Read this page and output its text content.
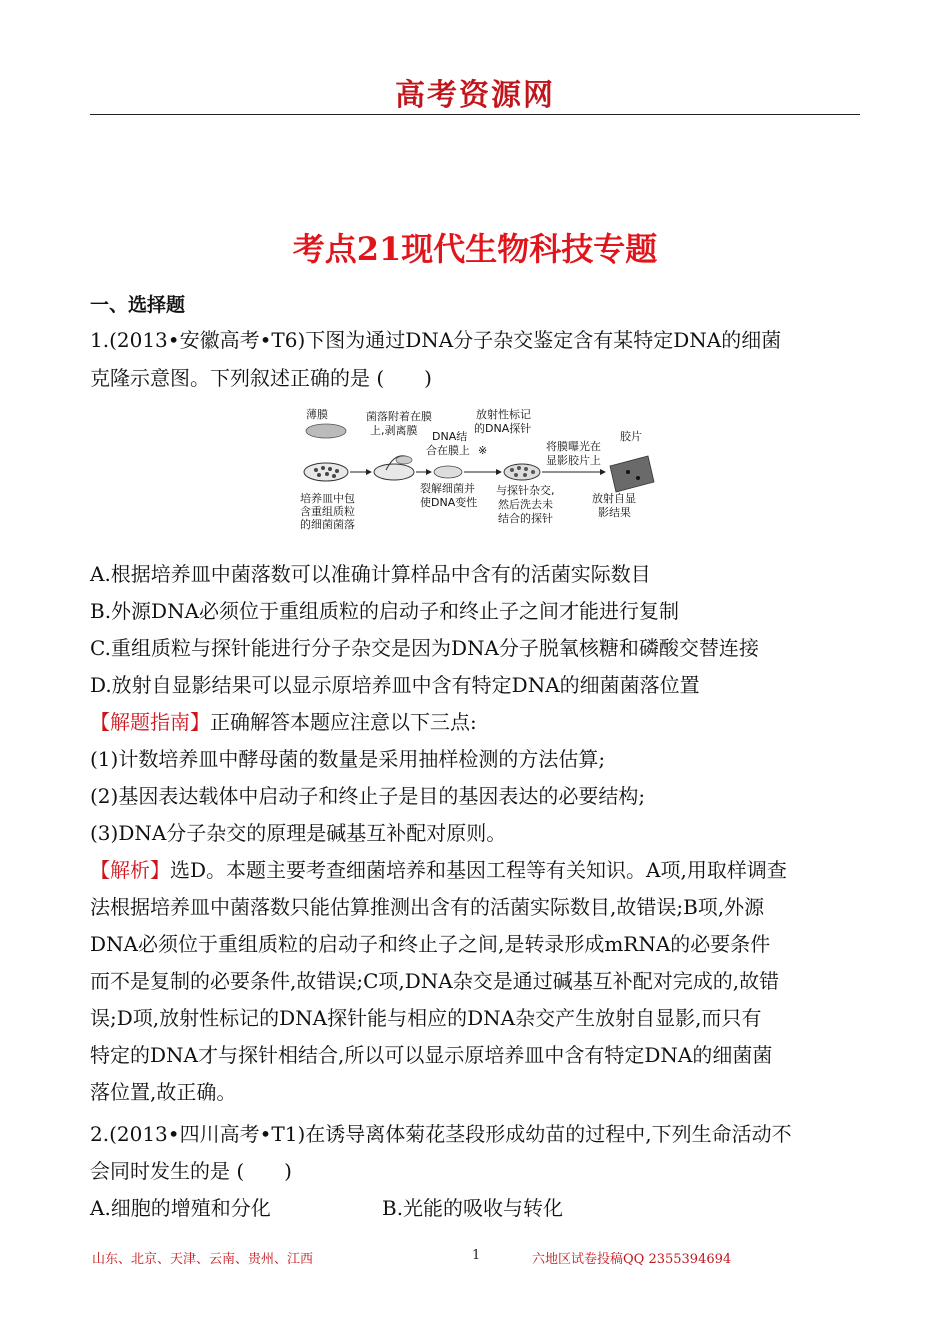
高考资源网
考点21现代生物科技专题
一、选择题
1.(2013•安徽高考•T6)下图为通过DNA分子杂交鉴定含有某特定DNA的细菌
克隆示意图。下列叙述正确的是 (　　)
薄膜	菌落附着在膜
上,剥离膜 DNA结
合在膜上
放射性标记
的DNA探针
※	将膜曝光在
显影胶片上
胶片
培养皿中包
含重组质粒
的细菌菌落
裂解细菌并
使DNA变性
与探针杂交,
然后洗去未
结合的探针
放射自显
影结果
A.根据培养皿中菌落数可以准确计算样品中含有的活菌实际数目
B.外源DNA必须位于重组质粒的启动子和终止子之间才能进行复制
C.重组质粒与探针能进行分子杂交是因为DNA分子脱氧核糖和磷酸交替连接
D.放射自显影结果可以显示原培养皿中含有特定DNA的细菌菌落位置
【解题指南】正确解答本题应注意以下三点:
(1)计数培养皿中酵母菌的数量是采用抽样检测的方法估算;
(2)基因表达载体中启动子和终止子是目的基因表达的必要结构;
(3)DNA分子杂交的原理是碱基互补配对原则。
【解析】选D。本题主要考查细菌培养和基因工程等有关知识。A项,用取样调查
法根据培养皿中菌落数只能估算推测出含有的活菌实际数目,故错误;B项,外源
DNA必须位于重组质粒的启动子和终止子之间,是转录形成mRNA的必要条件
而不是复制的必要条件,故错误;C项,DNA杂交是通过碱基互补配对完成的,故错
误;D项,放射性标记的DNA探针能与相应的DNA杂交产生放射自显影,而只有
特定的DNA才与探针相结合,所以可以显示原培养皿中含有特定DNA的细菌菌
落位置,故正确。
2.(2013•四川高考•T1)在诱导离体菊花茎段形成幼苗的过程中,下列生命活动不
会同时发生的是 (　　)
A.细胞的增殖和分化	B.光能的吸收与转化
山东、北京、天津、云南、贵州、江西	1	六地区试卷投稿QQ 2355394694
